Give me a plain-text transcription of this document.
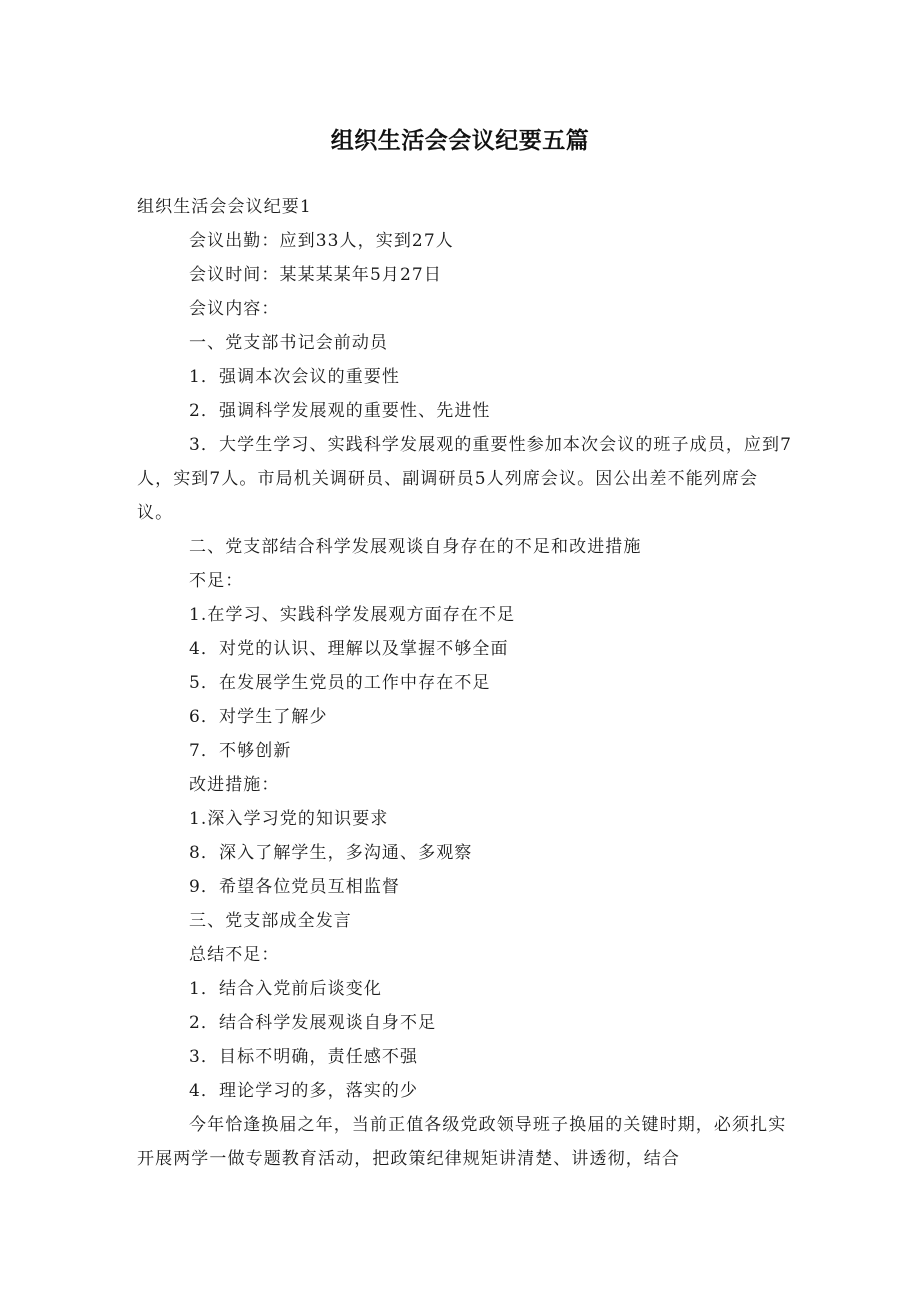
组织生活会会议纪要五篇

组织生活会会议纪要1

会议出勤：应到33人，实到27人

会议时间：某某某某年5月27日

会议内容：

一、党支部书记会前动员

1．强调本次会议的重要性

2．强调科学发展观的重要性、先进性

3．大学生学习、实践科学发展观的重要性参加本次会议的班子成员，应到7人，实到7人。市局机关调研员、副调研员5人列席会议。因公出差不能列席会议。

二、党支部结合科学发展观谈自身存在的不足和改进措施

不足：

1.在学习、实践科学发展观方面存在不足

4．对党的认识、理解以及掌握不够全面

5．在发展学生党员的工作中存在不足

6．对学生了解少

7．不够创新

改进措施：

1.深入学习党的知识要求

8．深入了解学生，多沟通、多观察

9．希望各位党员互相监督

三、党支部成全发言

总结不足：

1．结合入党前后谈变化

2．结合科学发展观谈自身不足

3．目标不明确，责任感不强

4．理论学习的多，落实的少

今年恰逢换届之年，当前正值各级党政领导班子换届的关键时期，必须扎实开展两学一做专题教育活动，把政策纪律规矩讲清楚、讲透彻，结合
